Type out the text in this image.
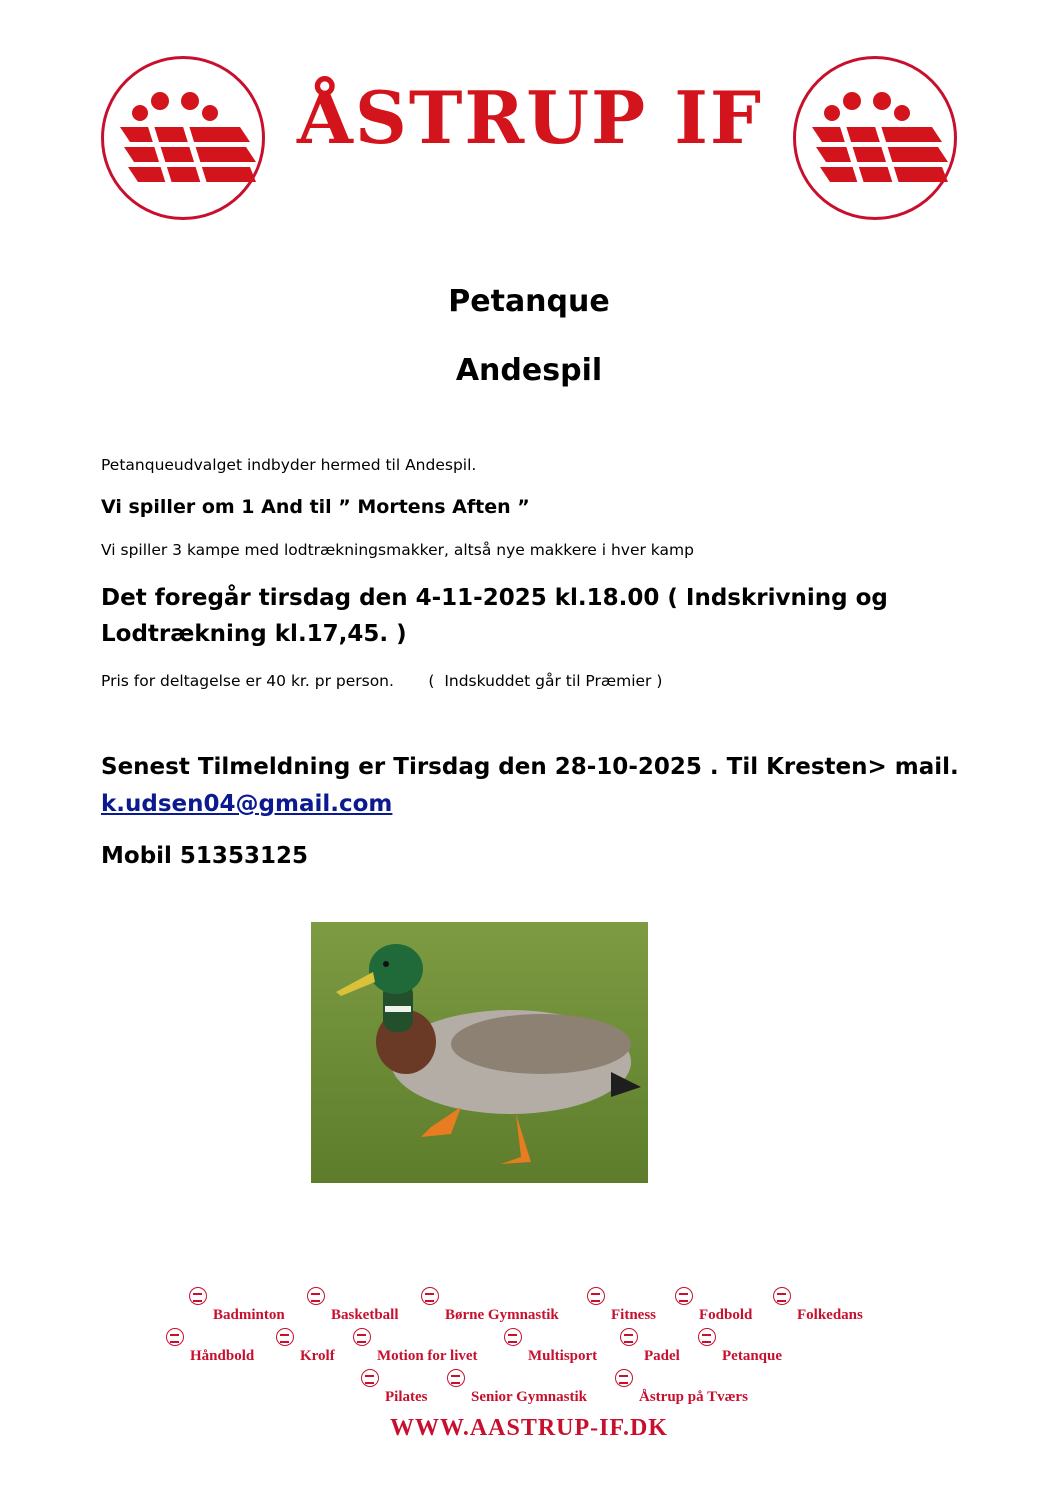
ÅSTRUP IF
Petanque
Andespil
Petanqueudvalget indbyder hermed til Andespil.
Vi spiller om 1 And til ” Mortens Aften ”
Vi spiller 3 kampe med lodtrækningsmakker, altså nye makkere i hver kamp
Det foregår tirsdag den 4-11-2025 kl.18.00 ( Indskrivning og
Lodtrækning kl.17,45. )
Pris for deltagelse er 40 kr. pr person.       (  Indskuddet går til Præmier )
Senest Tilmeldning er Tirsdag den 28-10-2025 . Til Kresten> mail.
k.udsen04@gmail.com
Mobil 51353125
Badminton	Basketball	Børne Gymnastik	Fitness	Fodbold	Folkedans
Håndbold	Krolf	Motion for livet	Multisport	Padel	Petanque
Pilates	Senior Gymnastik	Åstrup på Tværs
WWW.AASTRUP-IF.DK
